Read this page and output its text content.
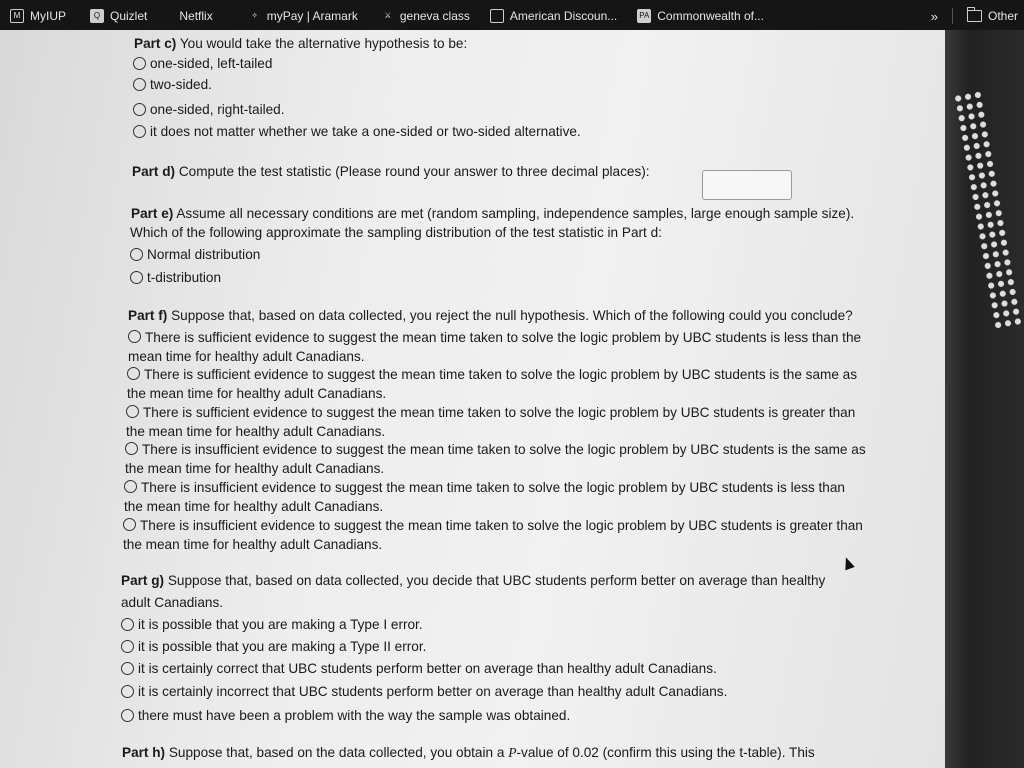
M MyIUP	Q Quizlet	Netflix	✧ myPay | Aramark	⚔ geneva class	American Discoun...	PA Commonwealth of...	»	Other
Part c) You would take the alternative hypothesis to be:
one-sided, left-tailed
two-sided.
one-sided, right-tailed.
it does not matter whether we take a one-sided or two-sided alternative.
Part d) Compute the test statistic (Please round your answer to three decimal places):
Part e) Assume all necessary conditions are met (random sampling, independence samples, large enough sample size).
Which of the following approximate the sampling distribution of the test statistic in Part d:
Normal distribution
t-distribution
Part f) Suppose that, based on data collected, you reject the null hypothesis. Which of the following could you conclude?
There is sufficient evidence to suggest the mean time taken to solve the logic problem by UBC students is less than the
mean time for healthy adult Canadians.
There is sufficient evidence to suggest the mean time taken to solve the logic problem by UBC students is the same as
the mean time for healthy adult Canadians.
There is sufficient evidence to suggest the mean time taken to solve the logic problem by UBC students is greater than
the mean time for healthy adult Canadians.
There is insufficient evidence to suggest the mean time taken to solve the logic problem by UBC students is the same as
the mean time for healthy adult Canadians.
There is insufficient evidence to suggest the mean time taken to solve the logic problem by UBC students is less than
the mean time for healthy adult Canadians.
There is insufficient evidence to suggest the mean time taken to solve the logic problem by UBC students is greater than
the mean time for healthy adult Canadians.
Part g) Suppose that, based on data collected, you decide that UBC students perform better on average than healthy
adult Canadians.
it is possible that you are making a Type I error.
it is possible that you are making a Type II error.
it is certainly correct that UBC students perform better on average than healthy adult Canadians.
it is certainly incorrect that UBC students perform better on average than healthy adult Canadians.
there must have been a problem with the way the sample was obtained.
Part h) Suppose that, based on the data collected, you obtain a P-value of 0.02 (confirm this using the t-table). This
